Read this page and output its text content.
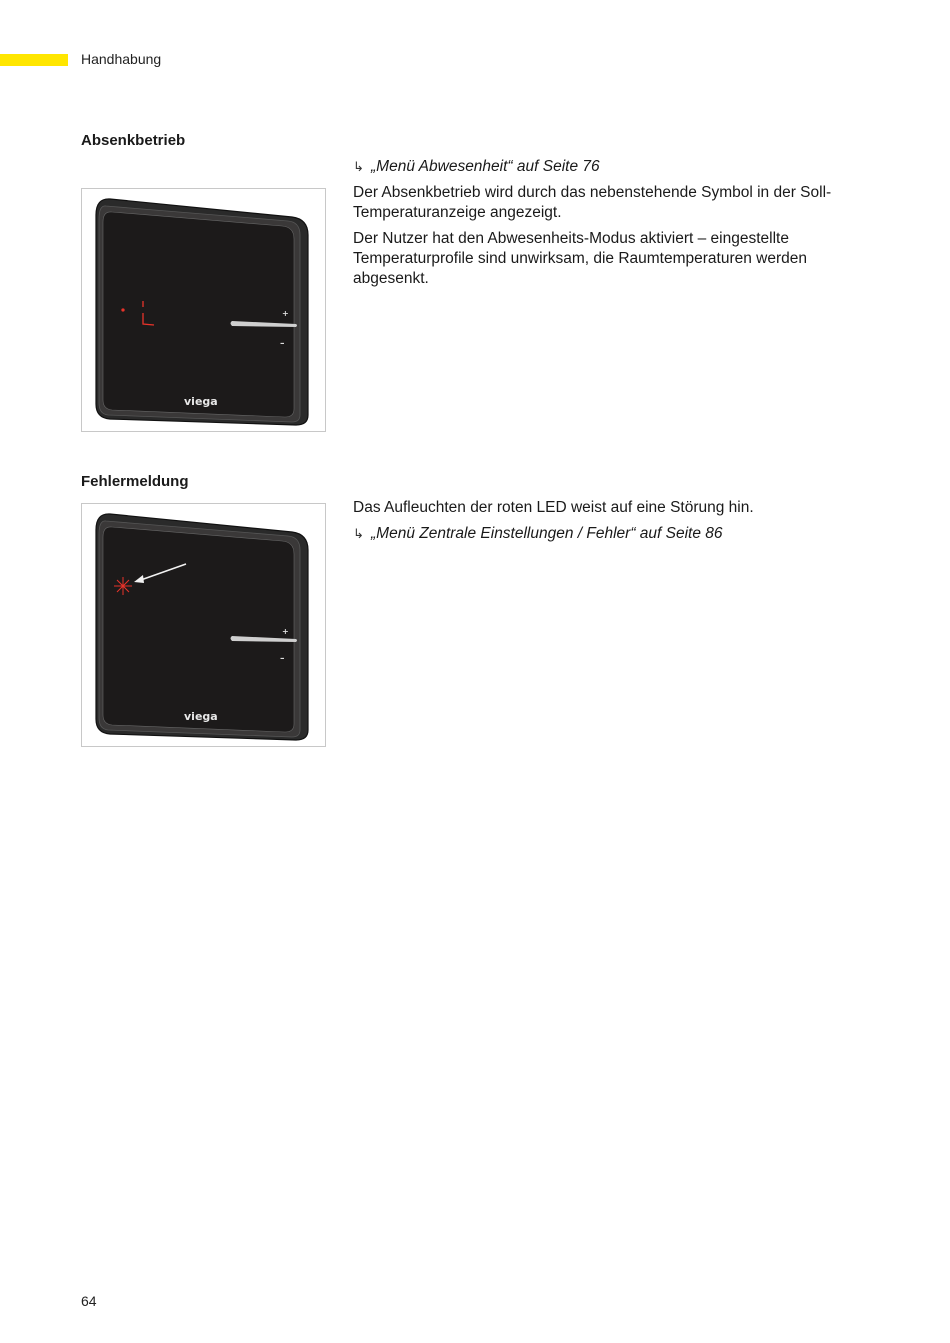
Handhabung
Absenkbetrieb
↳ „Menü Abwesenheit“ auf Seite 76

Der Absenkbetrieb wird durch das nebenstehende Symbol in der Soll-Temperaturanzeige angezeigt.

Der Nutzer hat den Abwesenheits-Modus aktiviert – eingestellte Temperaturprofile sind unwirksam, die Raumtemperaturen werden abgesenkt.

+
–
viega
Fehlermeldung

Das Aufleuchten der roten LED weist auf eine Störung hin.

↳ „Menü Zentrale Einstellungen / Fehler“ auf Seite 86
+
–
viega
64
